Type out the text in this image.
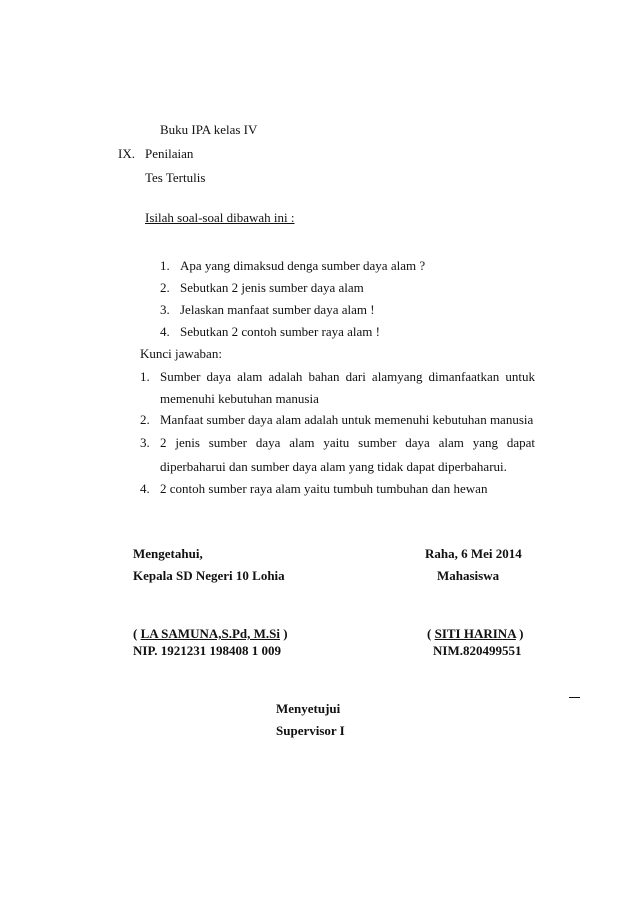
Buku IPA kelas IV
IX. Penilaian
Tes Tertulis
Isilah soal-soal dibawah ini :
1. Apa yang dimaksud denga sumber daya alam ?
2. Sebutkan 2 jenis sumber daya alam
3. Jelaskan manfaat sumber daya alam !
4. Sebutkan 2 contoh sumber raya alam !
Kunci jawaban:
1. Sumber daya alam adalah bahan dari alamyang dimanfaatkan untuk
memenuhi kebutuhan manusia
2. Manfaat sumber daya alam adalah untuk memenuhi kebutuhan manusia
3. 2 jenis sumber daya alam yaitu sumber daya alam yang dapat
diperbaharui dan sumber daya alam yang tidak dapat diperbaharui.
4. 2 contoh sumber raya alam yaitu tumbuh tumbuhan dan hewan
Mengetahui,
Kepala SD Negeri 10 Lohia
( LA SAMUNA,S.Pd, M.Si )
NIP. 1921231 198408 1 009
Raha, 6 Mei 2014
Mahasiswa
( SITI HARINA )
NIM.820499551
Menyetujui
Supervisor I
